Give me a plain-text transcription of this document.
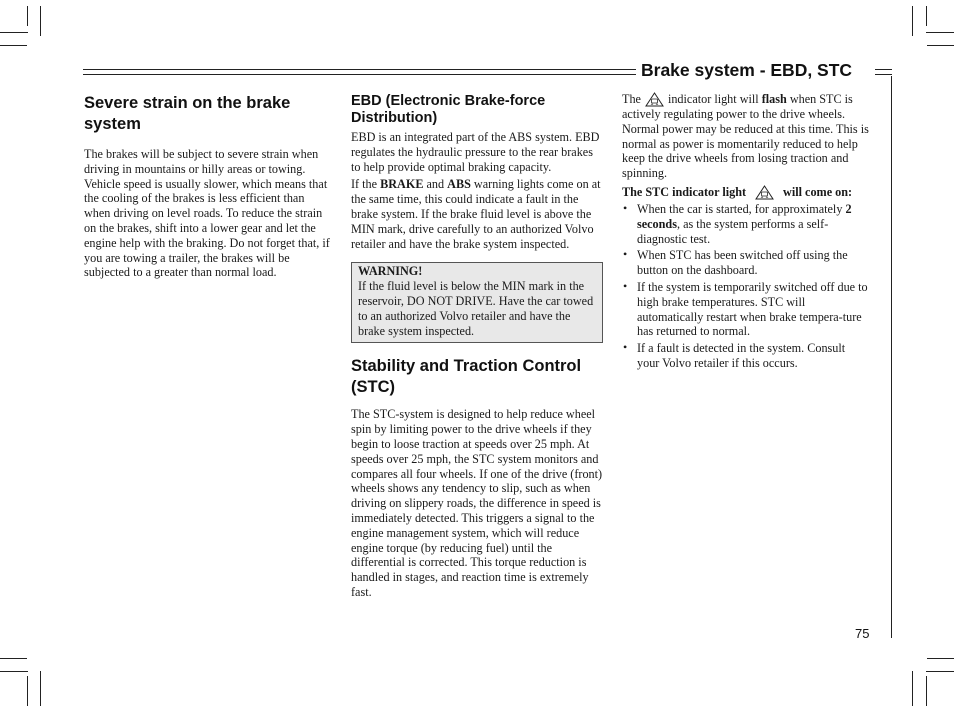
Brake system - EBD, STC
Severe strain on the brake system

The brakes will be subject to severe strain when driving in mountains or hilly areas or towing. Vehicle speed is usually slower, which means that the cooling of the brakes is less efficient than when driving on level roads. To reduce the strain on the brakes, shift into a lower gear and let the engine help with the braking. Do not forget that, if you are towing a trailer, the brakes will be subjected to a greater than normal load.

EBD (Electronic Brake-force Distribution)

EBD is an integrated part of the ABS system. EBD regulates the hydraulic pressure to the rear brakes to help provide optimal braking capacity.

If the BRAKE and ABS warning lights come on at the same time, this could indicate a fault in the brake system. If the brake fluid level is above the MIN mark, drive carefully to an authorized Volvo retailer and have the brake system inspected.

WARNING!

If the fluid level is below the MIN mark in the reservoir, DO NOT DRIVE. Have the car towed to an authorized Volvo retailer and have the brake system inspected.

Stability and Traction Control (STC)

The STC-system is designed to help reduce wheel spin by limiting power to the drive wheels if they begin to loose traction at speeds over 25 mph. At speeds over 25 mph, the STC system monitors and compares all four wheels. If one of the drive (front) wheels shows any tendency to slip, such as when driving on slippery roads, the difference in speed is immediately detected. This triggers a signal to the engine management system, which will reduce engine torque (by reducing fuel) until the differential is corrected. This torque reduction is handled in stages, and reaction time is extremely fast.

The indicator light will flash when STC is actively regulating power to the drive wheels. Normal power may be reduced at this time. This is normal as power is momentarily reduced to help keep the drive wheels from losing traction and spinning.

The STC indicator light	will come on:

• When the car is started, for approximately 2 seconds, as the system performs a self-diagnostic test.
• When STC has been switched off using the button on the dashboard.
• If the system is temporarily switched off due to high brake temperatures. STC will automatically restart when brake tempera-ture has returned to normal.
• If a fault is detected in the system. Consult your Volvo retailer if this occurs.
75
